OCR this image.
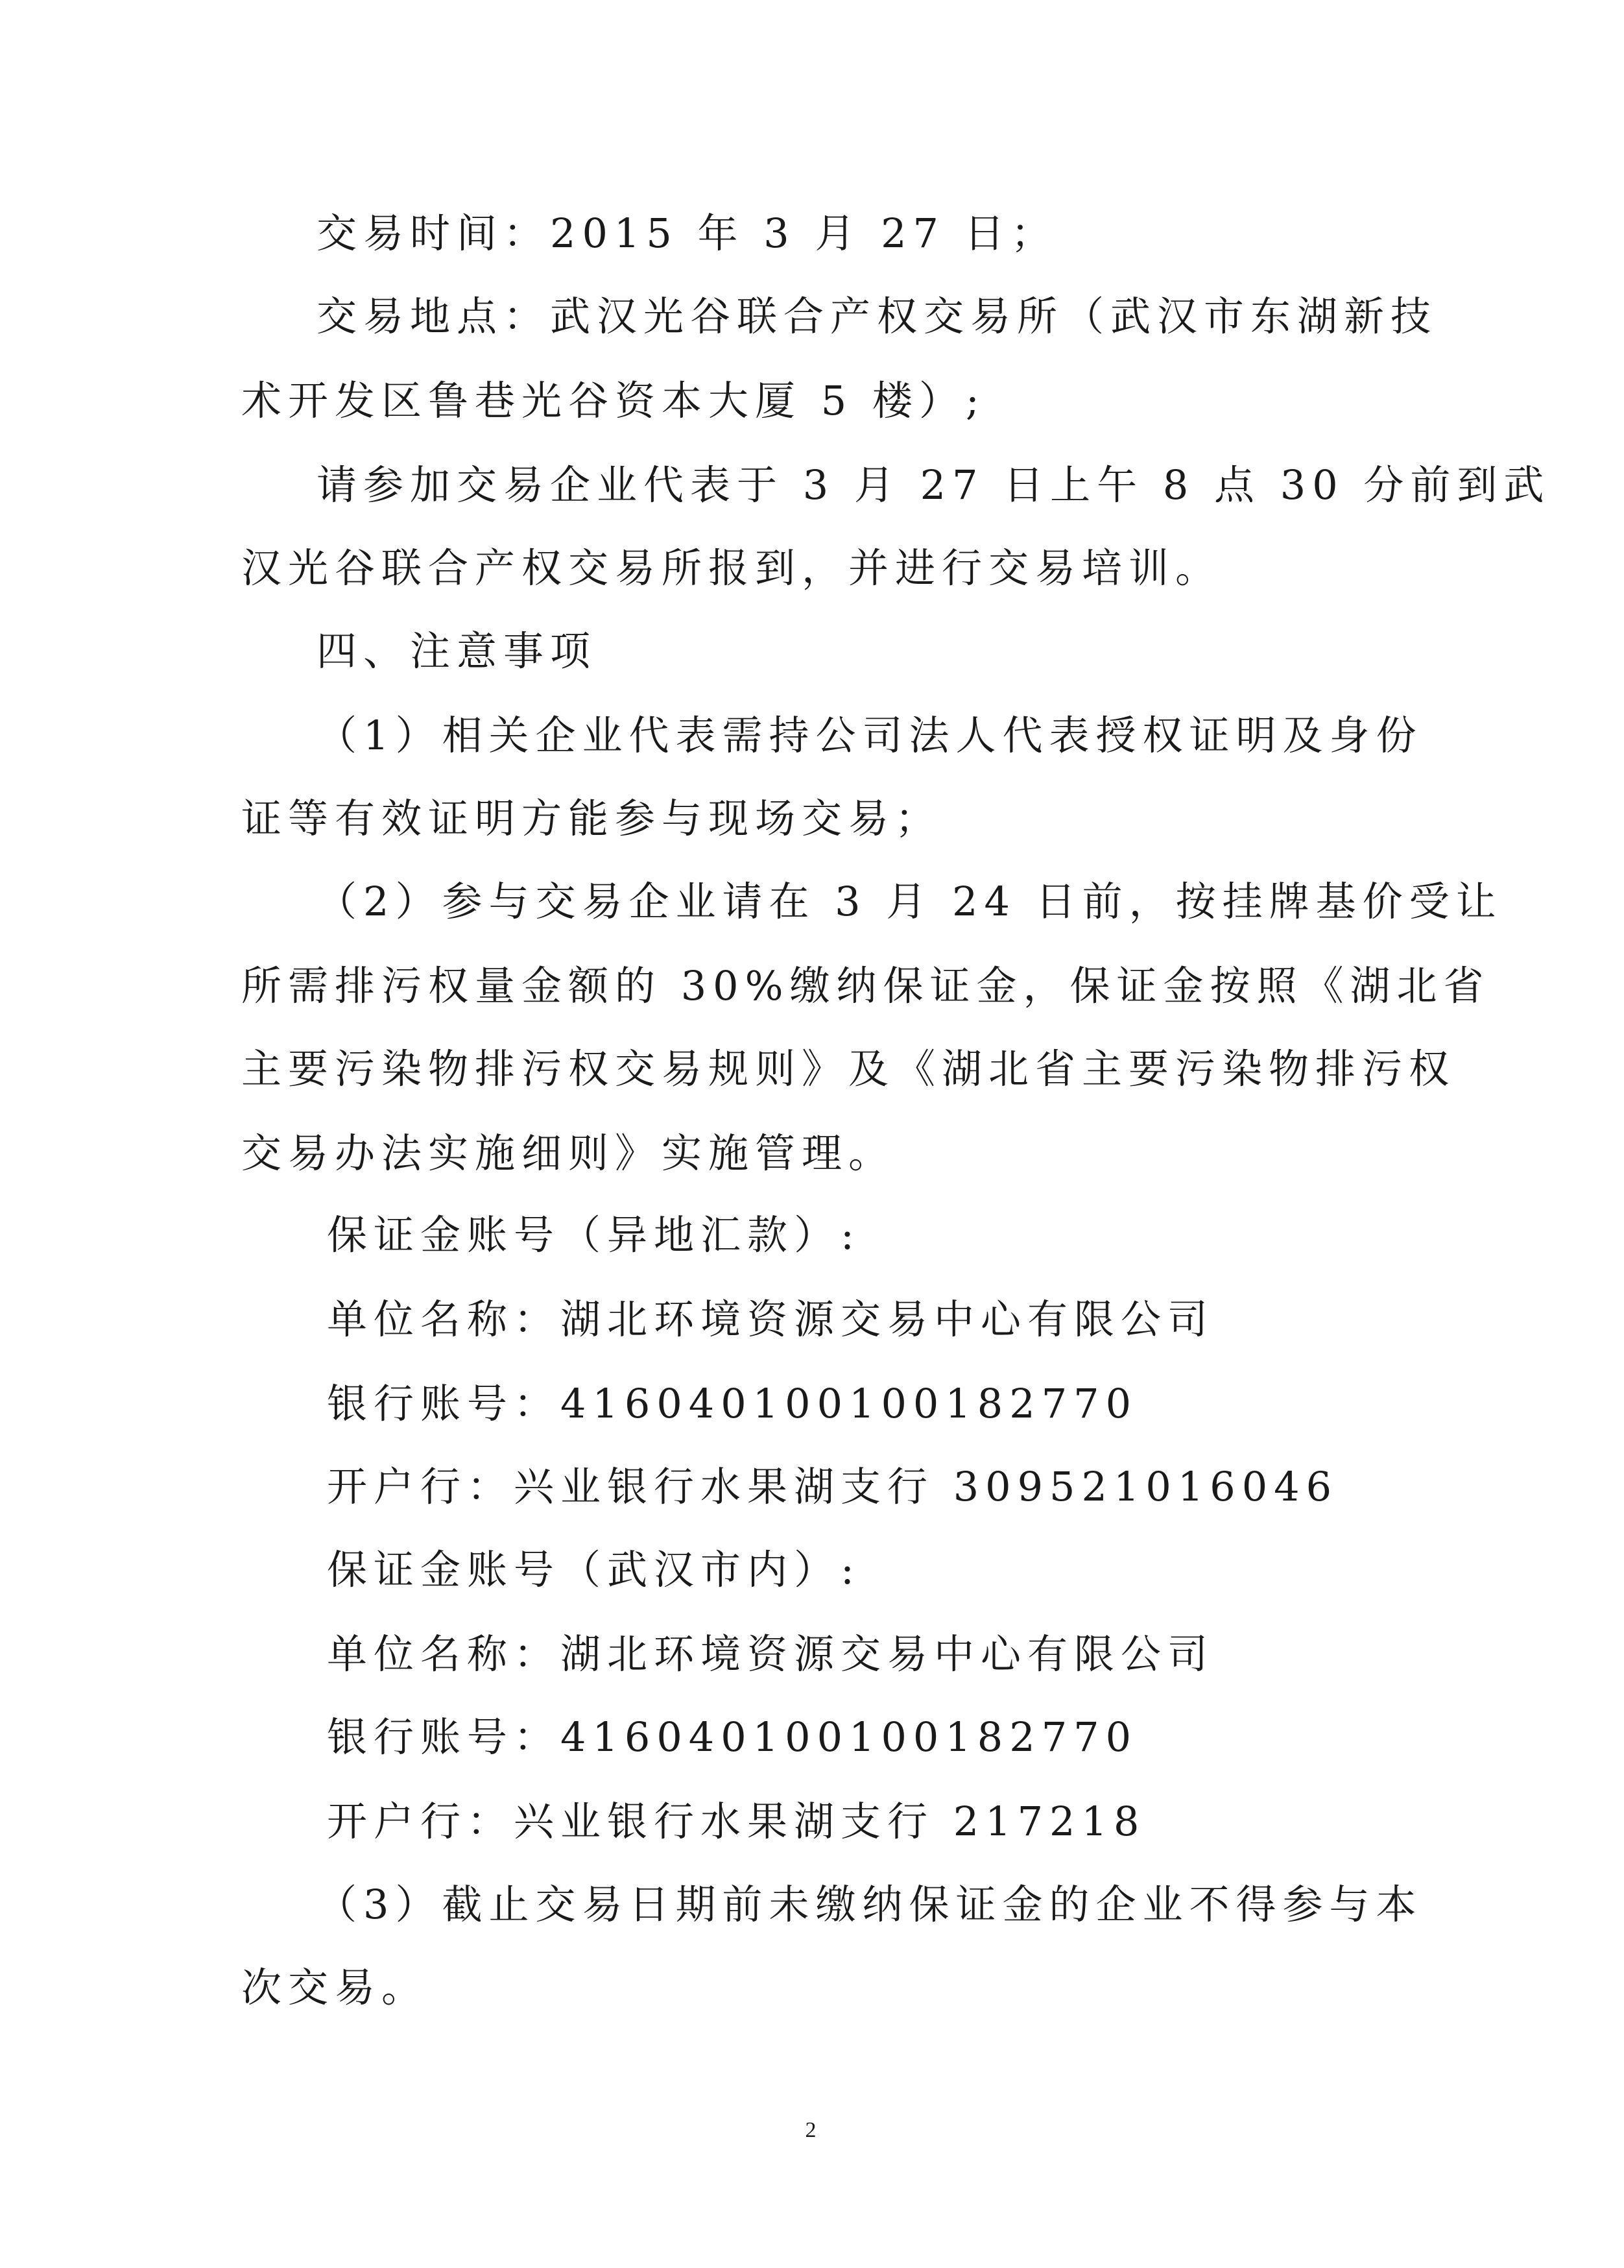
交易时间：2015 年 3 月 27 日；
交易地点：武汉光谷联合产权交易所（武汉市东湖新技
术开发区鲁巷光谷资本大厦 5 楼）;
请参加交易企业代表于 3 月 27 日上午 8 点 30 分前到武
汉光谷联合产权交易所报到，并进行交易培训。
四、注意事项
（1）相关企业代表需持公司法人代表授权证明及身份
证等有效证明方能参与现场交易；
（2）参与交易企业请在 3 月 24 日前，按挂牌基价受让
所需排污权量金额的 30%缴纳保证金，保证金按照《湖北省
主要污染物排污权交易规则》及《湖北省主要污染物排污权
交易办法实施细则》实施管理。
保证金账号（异地汇款）:
单位名称：湖北环境资源交易中心有限公司
银行账号：416040100100182770
开户行：兴业银行水果湖支行 309521016046
保证金账号（武汉市内）:
单位名称：湖北环境资源交易中心有限公司
银行账号：416040100100182770
开户行：兴业银行水果湖支行 217218
（3）截止交易日期前未缴纳保证金的企业不得参与本
次交易。
2
